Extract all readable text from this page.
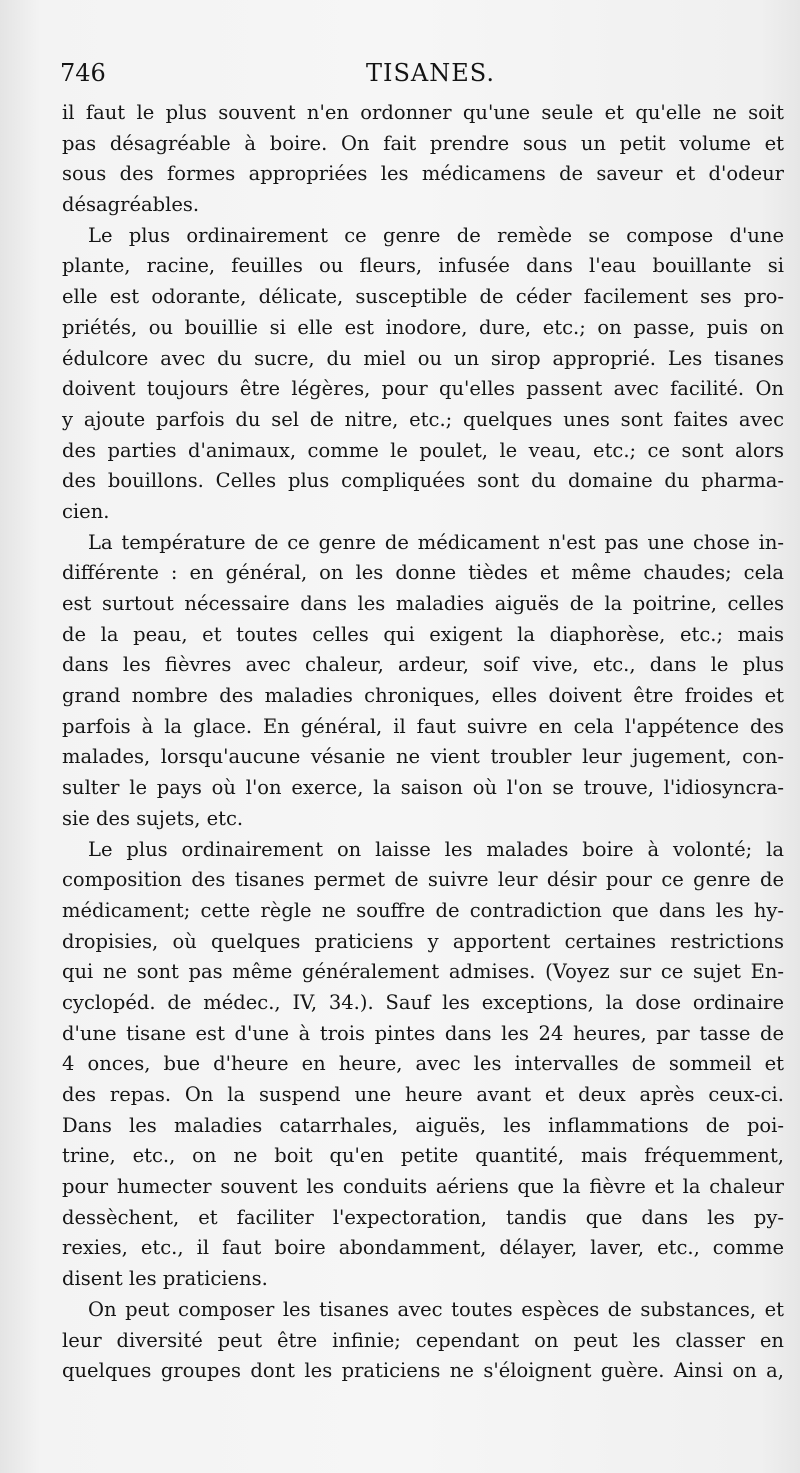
746	TISANES.
il faut le plus souvent n'en ordonner qu'une seule et qu'elle ne soit
pas désagréable à boire. On fait prendre sous un petit volume et
sous des formes appropriées les médicamens de saveur et d'odeur
désagréables.
Le plus ordinairement ce genre de remède se compose d'une
plante, racine, feuilles ou fleurs, infusée dans l'eau bouillante si
elle est odorante, délicate, susceptible de céder facilement ses pro-
priétés, ou bouillie si elle est inodore, dure, etc.; on passe, puis on
édulcore avec du sucre, du miel ou un sirop approprié. Les tisanes
doivent toujours être légères, pour qu'elles passent avec facilité. On
y ajoute parfois du sel de nitre, etc.; quelques unes sont faites avec
des parties d'animaux, comme le poulet, le veau, etc.; ce sont alors
des bouillons. Celles plus compliquées sont du domaine du pharma-
cien.
La température de ce genre de médicament n'est pas une chose in-
différente : en général, on les donne tièdes et même chaudes; cela
est surtout nécessaire dans les maladies aiguës de la poitrine, celles
de la peau, et toutes celles qui exigent la diaphorèse, etc.; mais
dans les fièvres avec chaleur, ardeur, soif vive, etc., dans le plus
grand nombre des maladies chroniques, elles doivent être froides et
parfois à la glace. En général, il faut suivre en cela l'appétence des
malades, lorsqu'aucune vésanie ne vient troubler leur jugement, con-
sulter le pays où l'on exerce, la saison où l'on se trouve, l'idiosyncra-
sie des sujets, etc.
Le plus ordinairement on laisse les malades boire à volonté; la
composition des tisanes permet de suivre leur désir pour ce genre de
médicament; cette règle ne souffre de contradiction que dans les hy-
dropisies, où quelques praticiens y apportent certaines restrictions
qui ne sont pas même généralement admises. (Voyez sur ce sujet En-
cyclopéd. de médec., IV, 34.). Sauf les exceptions, la dose ordinaire
d'une tisane est d'une à trois pintes dans les 24 heures, par tasse de
4 onces, bue d'heure en heure, avec les intervalles de sommeil et
des repas. On la suspend une heure avant et deux après ceux-ci.
Dans les maladies catarrhales, aiguës, les inflammations de poi-
trine, etc., on ne boit qu'en petite quantité, mais fréquemment,
pour humecter souvent les conduits aériens que la fièvre et la chaleur
dessèchent, et faciliter l'expectoration, tandis que dans les py-
rexies, etc., il faut boire abondamment, délayer, laver, etc., comme
disent les praticiens.
On peut composer les tisanes avec toutes espèces de substances, et
leur diversité peut être infinie; cependant on peut les classer en
quelques groupes dont les praticiens ne s'éloignent guère. Ainsi on a,
